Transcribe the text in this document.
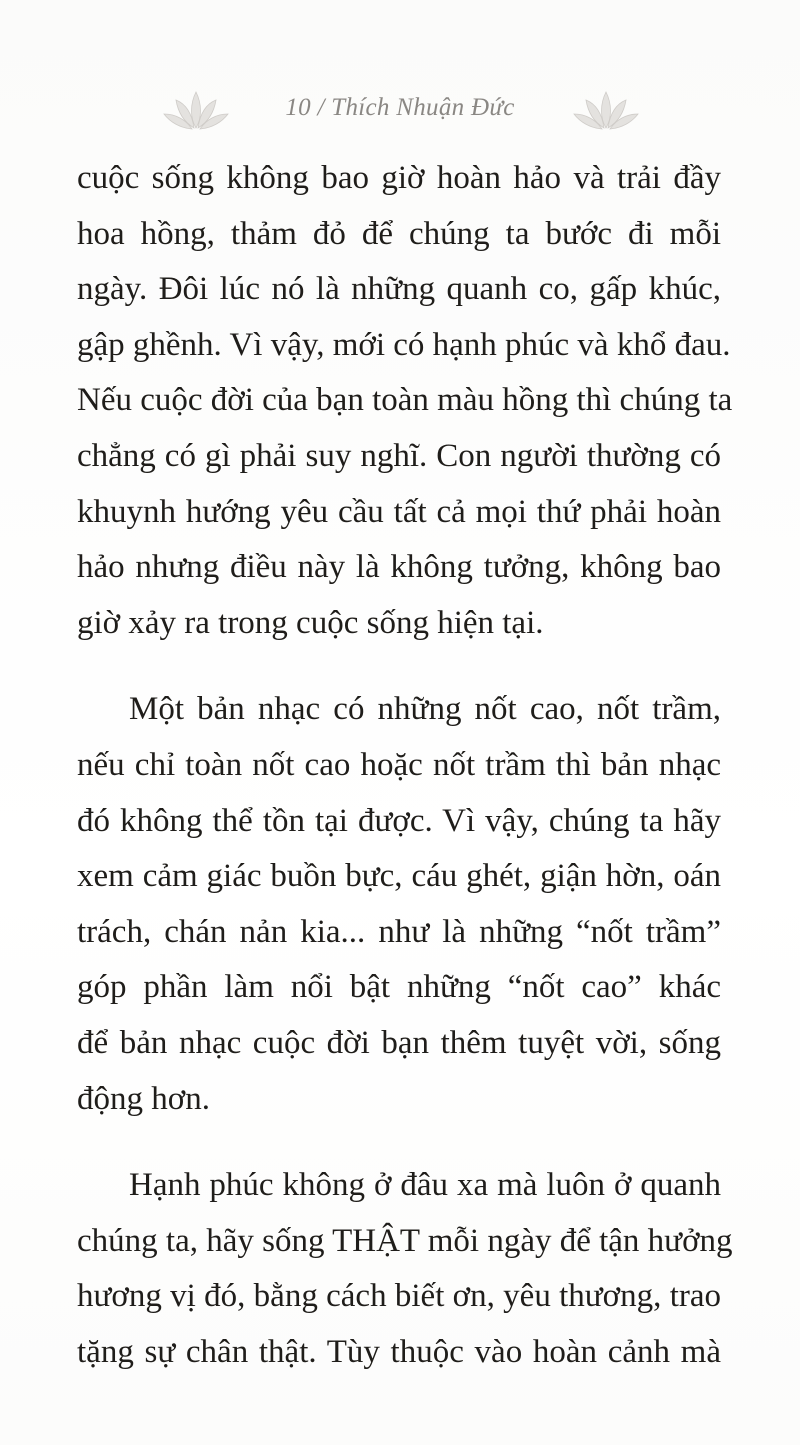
10 / Thích Nhuận Đức
cuộc sống không bao giờ hoàn hảo và trải đầy
hoa hồng, thảm đỏ để chúng ta bước đi mỗi
ngày. Đôi lúc nó là những quanh co, gấp khúc,
gập ghềnh. Vì vậy, mới có hạnh phúc và khổ đau.
Nếu cuộc đời của bạn toàn màu hồng thì chúng ta
chẳng có gì phải suy nghĩ. Con người thường có
khuynh hướng yêu cầu tất cả mọi thứ phải hoàn
hảo nhưng điều này là không tưởng, không bao
giờ xảy ra trong cuộc sống hiện tại.
Một bản nhạc có những nốt cao, nốt trầm,
nếu chỉ toàn nốt cao hoặc nốt trầm thì bản nhạc
đó không thể tồn tại được. Vì vậy, chúng ta hãy
xem cảm giác buồn bực, cáu ghét, giận hờn, oán
trách, chán nản kia... như là những “nốt trầm”
góp phần làm nổi bật những “nốt cao” khác
để bản nhạc cuộc đời bạn thêm tuyệt vời, sống
động hơn.
Hạnh phúc không ở đâu xa mà luôn ở quanh
chúng ta, hãy sống THẬT mỗi ngày để tận hưởng
hương vị đó, bằng cách biết ơn, yêu thương, trao
tặng sự chân thật. Tùy thuộc vào hoàn cảnh mà
